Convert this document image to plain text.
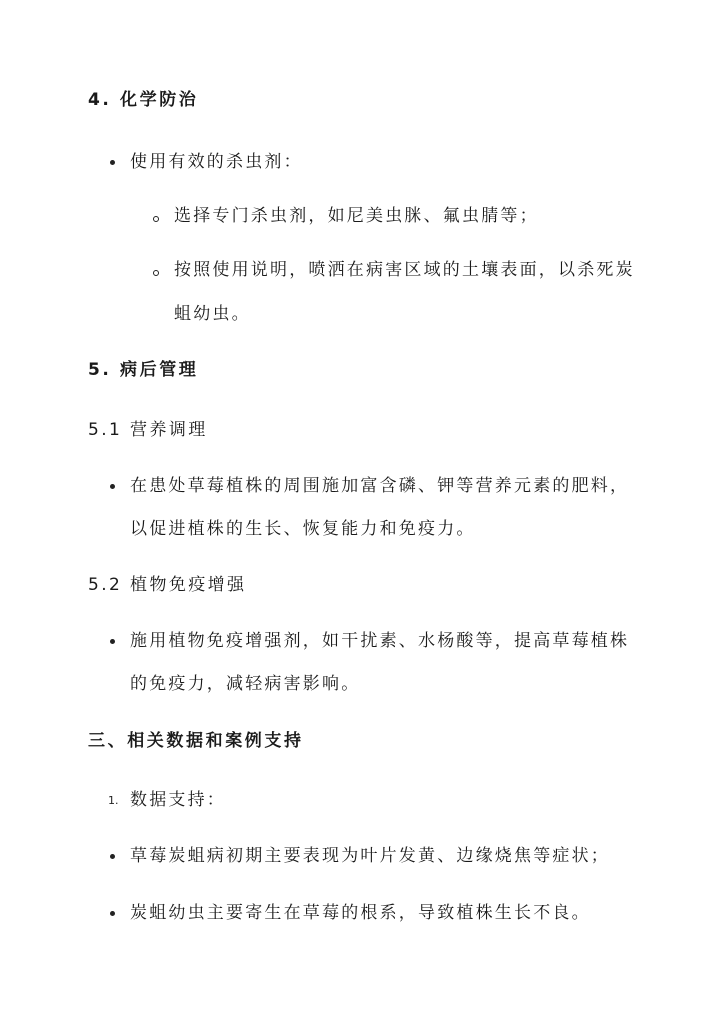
4. 化学防治
使用有效的杀虫剂：
选择专门杀虫剂，如尼美虫脒、氟虫腈等；
按照使用说明，喷洒在病害区域的土壤表面，以杀死炭
蛆幼虫。
5. 病后管理
5.1 营养调理
在患处草莓植株的周围施加富含磷、钾等营养元素的肥料，
以促进植株的生长、恢复能力和免疫力。
5.2 植物免疫增强
施用植物免疫增强剂，如干扰素、水杨酸等，提高草莓植株
的免疫力，减轻病害影响。
三、相关数据和案例支持
1. 数据支持：
草莓炭蛆病初期主要表现为叶片发黄、边缘烧焦等症状；
炭蛆幼虫主要寄生在草莓的根系，导致植株生长不良。
